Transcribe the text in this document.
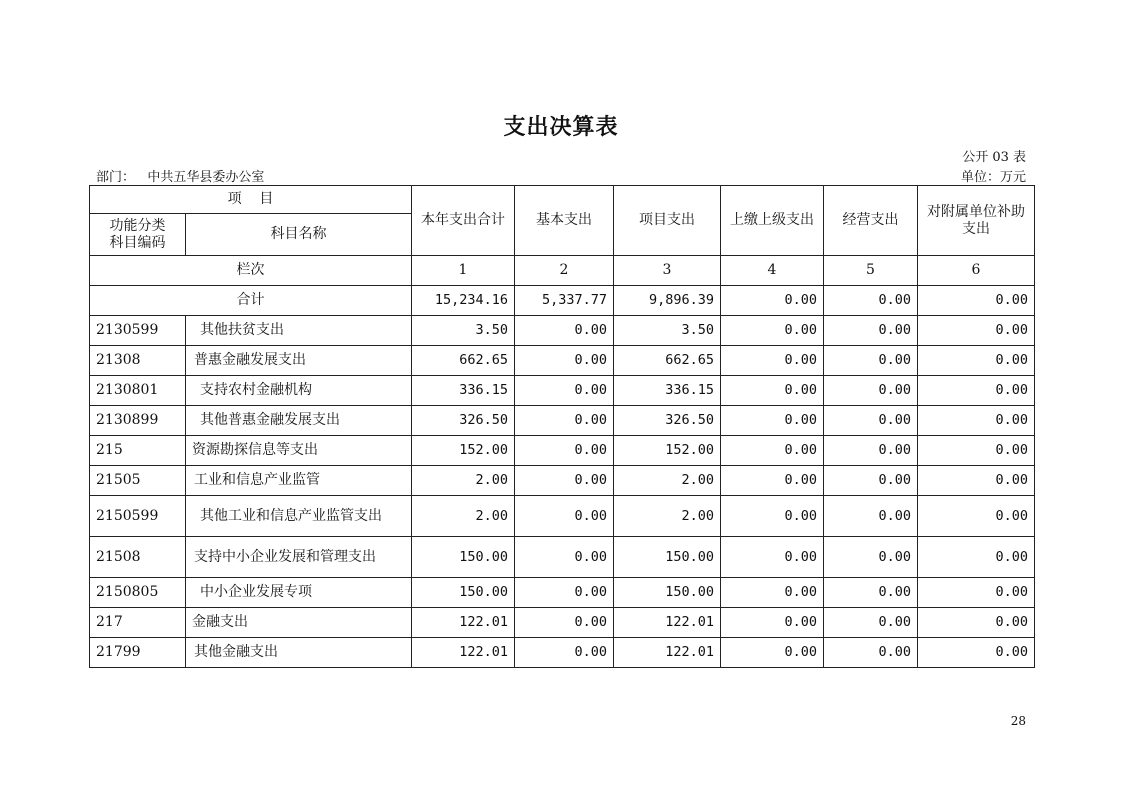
支出决算表
公开 03 表
部门：   中共五华县委办公室	单位：万元
项    目		本年支出合计	基本支出	项目支出	上缴上级支出	经营支出	对附属单位补助支出
功能分类
科目编码	科目名称						
栏次		1	2	3	4	5	6
合计		15,234.16	5,337.77	9,896.39	0.00	0.00	0.00
2130599	其他扶贫支出	3.50	0.00	3.50	0.00	0.00	0.00
21308	普惠金融发展支出	662.65	0.00	662.65	0.00	0.00	0.00
2130801	支持农村金融机构	336.15	0.00	336.15	0.00	0.00	0.00
2130899	其他普惠金融发展支出	326.50	0.00	326.50	0.00	0.00	0.00
215	资源勘探信息等支出	152.00	0.00	152.00	0.00	0.00	0.00
21505	工业和信息产业监管	2.00	0.00	2.00	0.00	0.00	0.00
2150599	其他工业和信息产业监管支出	2.00	0.00	2.00	0.00	0.00	0.00
21508	支持中小企业发展和管理支出	150.00	0.00	150.00	0.00	0.00	0.00
2150805	中小企业发展专项	150.00	0.00	150.00	0.00	0.00	0.00
217	金融支出	122.01	0.00	122.01	0.00	0.00	0.00
21799	其他金融支出	122.01	0.00	122.01	0.00	0.00	0.00
28
